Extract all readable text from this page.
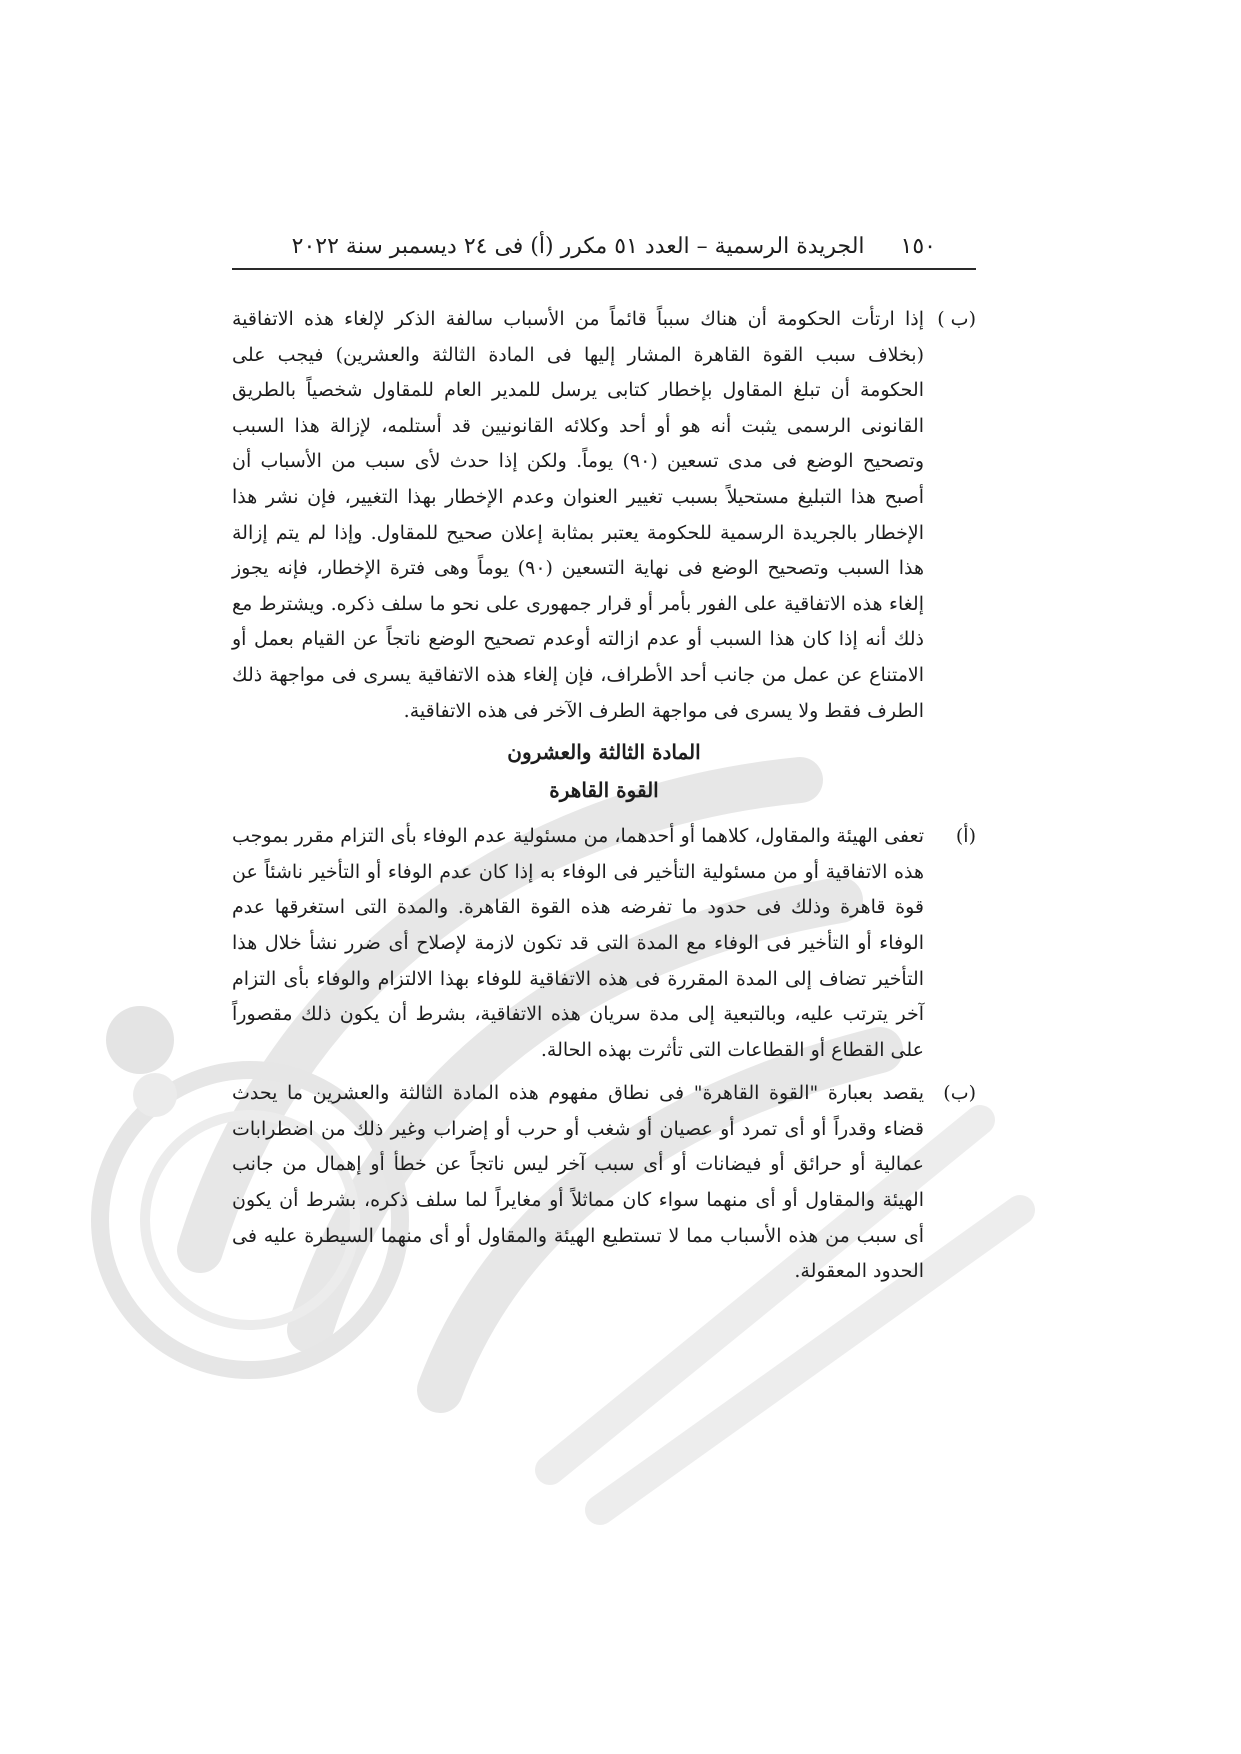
١٥٠
الجريدة الرسمية – العدد ٥١ مكرر (أ) فى ٢٤ ديسمبر سنة ٢٠٢٢
(ب )
إذا ارتأت الحكومة أن هناك سبباً قائماً من الأسباب سالفة الذكر لإلغاء هذه الاتفاقية (بخلاف سبب القوة القاهرة المشار إليها فى المادة الثالثة والعشرين) فيجب على الحكومة أن تبلغ المقاول بإخطار كتابى يرسل للمدير العام للمقاول شخصياً بالطريق القانونى الرسمى يثبت أنه هو أو أحد وكلائه القانونيين قد أستلمه، لإزالة هذا السبب وتصحيح الوضع فى مدى تسعين (٩٠) يوماً. ولكن إذا حدث لأى سبب من الأسباب أن أصبح هذا التبليغ مستحيلاً بسبب تغيير العنوان وعدم الإخطار بهذا التغيير، فإن نشر هذا الإخطار بالجريدة الرسمية للحكومة يعتبر بمثابة إعلان صحيح للمقاول. وإذا لم يتم إزالة هذا السبب وتصحيح الوضع فى نهاية التسعين (٩٠) يوماً وهى فترة الإخطار، فإنه يجوز إلغاء هذه الاتفاقية على الفور بأمر أو قرار جمهورى على نحو ما سلف ذكره. ويشترط مع ذلك أنه إذا كان هذا السبب أو عدم ازالته أوعدم تصحيح الوضع ناتجاً عن القيام بعمل أو الامتناع عن عمل من جانب أحد الأطراف، فإن إلغاء هذه الاتفاقية يسرى فى مواجهة ذلك الطرف فقط ولا يسرى فى مواجهة الطرف الآخر فى هذه الاتفاقية.
المادة الثالثة والعشرون
القوة القاهرة
(أ)
تعفى الهيئة والمقاول، كلاهما أو أحدهما، من مسئولية عدم الوفاء بأى التزام مقرر بموجب هذه الاتفاقية أو من مسئولية التأخير فى الوفاء به إذا كان عدم الوفاء أو التأخير ناشئاً عن قوة قاهرة وذلك فى حدود ما تفرضه هذه القوة القاهرة. والمدة التى استغرقها عدم الوفاء أو التأخير فى الوفاء مع المدة التى قد تكون لازمة لإصلاح أى ضرر نشأ خلال هذا التأخير تضاف إلى المدة المقررة فى هذه الاتفاقية للوفاء بهذا الالتزام والوفاء بأى التزام آخر يترتب عليه، وبالتبعية إلى مدة سريان هذه الاتفاقية، بشرط أن يكون ذلك مقصوراً على القطاع أو القطاعات التى تأثرت بهذه الحالة.
(ب)
يقصد بعبارة "القوة القاهرة" فى نطاق مفهوم هذه المادة الثالثة والعشرين ما يحدث قضاء وقدراً أو أى تمرد أو عصيان أو شغب أو حرب أو إضراب وغير ذلك من اضطرابات عمالية أو حرائق أو فيضانات أو أى سبب آخر ليس ناتجاً عن خطأ أو إهمال من جانب الهيئة والمقاول أو أى منهما سواء كان مماثلاً أو مغايراً لما سلف ذكره، بشرط أن يكون أى سبب من هذه الأسباب مما لا تستطيع الهيئة والمقاول أو أى منهما السيطرة عليه فى الحدود المعقولة.
